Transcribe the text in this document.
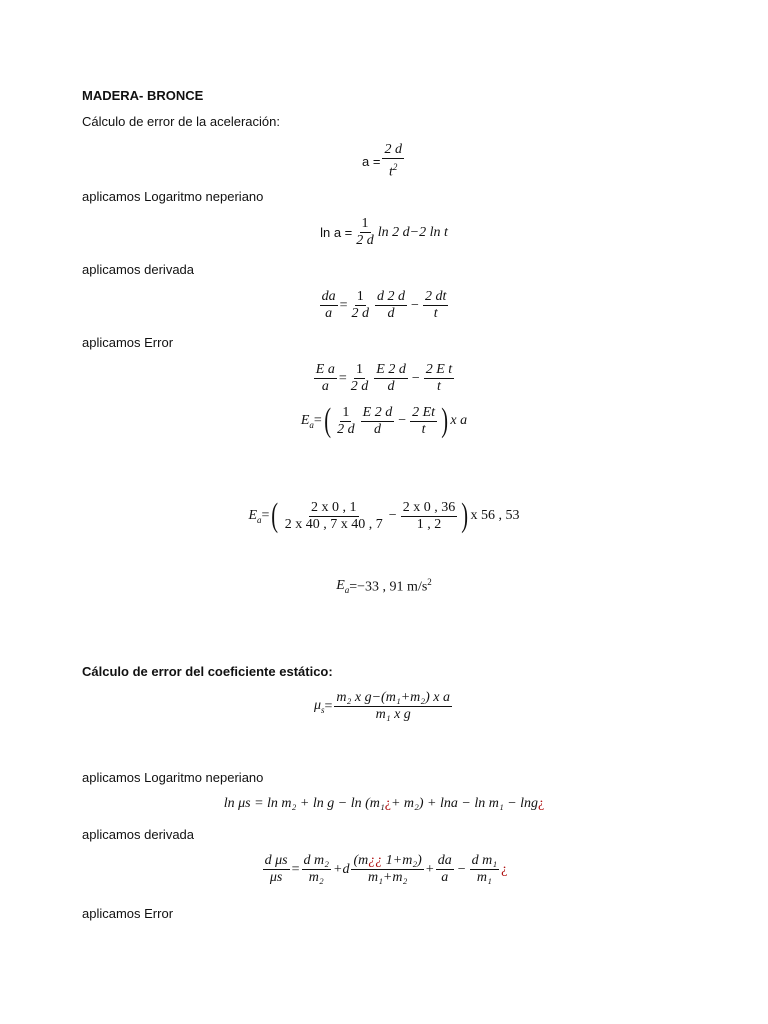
MADERA- BRONCE
Cálculo de error de la aceleración:
$a = \frac{2 d}{t^2}$
aplicamos Logaritmo neperiano
$\ln a = \frac{1}{2 d}$ ln 2 d−2 ln t
aplicamos derivada
$\frac{da}{a} = \frac{1}{2 d} \frac{d 2 d}{d} - \frac{2 dt}{t}$
aplicamos Error
$\frac{\text{E a}}{a} = \frac{1}{2 d} \frac{E 2 d}{d} - \frac{\text{2 E t}}{t}$
$E_a$ = ( $\frac{1}{2 d} \frac{E 2 d}{d} - \frac{2 Et}{t}$ ) x a
$E_a$ = ( $\frac{2 x 0 , 1}{2 x 40 , 7 x 40 , 7} - \frac{2 x 0 , 36}{1 , 2}$ ) x 56 , 53
$E_a =-33$ , 91 $m/s^2$
Cálculo de error del coeficiente estático:
$\mu_s = \frac{\text{m₂ x g−(m₁+m₂) x a}}{\text{m₁ x g}}$
aplicamos Logaritmo neperiano
ln μs = ln m₂ + ln g − ln (m₁ ¿ + m₂) + lna − ln m₁ − lng ¿
aplicamos derivada
$\frac{\text{d μs}}{\mu s} = \frac{\text{d m₂}}{\text{m₂}} +d \frac{\text{(m¿¿ 1+m₂)}}{\text{m₁+m₂}} + \frac{da}{a} - \frac{\text{d m₁}}{\text{m₁}}$ ¿
aplicamos Error
